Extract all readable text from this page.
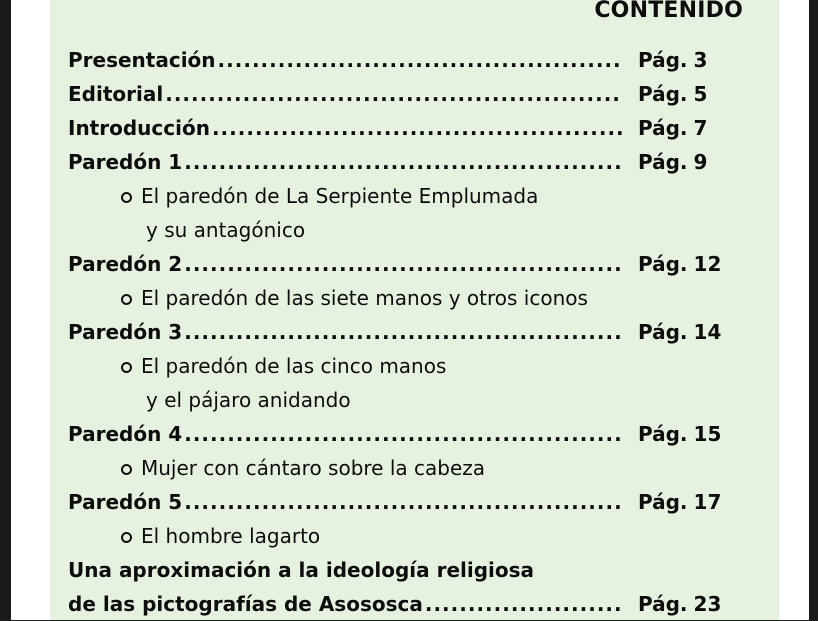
CONTENIDO
Presentación .....	Pág. 3
Editorial .....	Pág. 5
Introducción .....	Pág. 7
Paredón 1 .....	Pág. 9
El paredón de La Serpiente Emplumada
y su antagónico
Paredón 2 .....	Pág. 12
El paredón de las siete manos y otros iconos
Paredón 3 .....	Pág. 14
El paredón de las cinco manos
y el pájaro anidando
Paredón 4 .....	Pág. 15
Mujer con cántaro sobre la cabeza
Paredón 5 .....	Pág. 17
El hombre lagarto
Una aproximación a la ideología religiosa
de las pictografías de Asososca .....	Pág. 23
